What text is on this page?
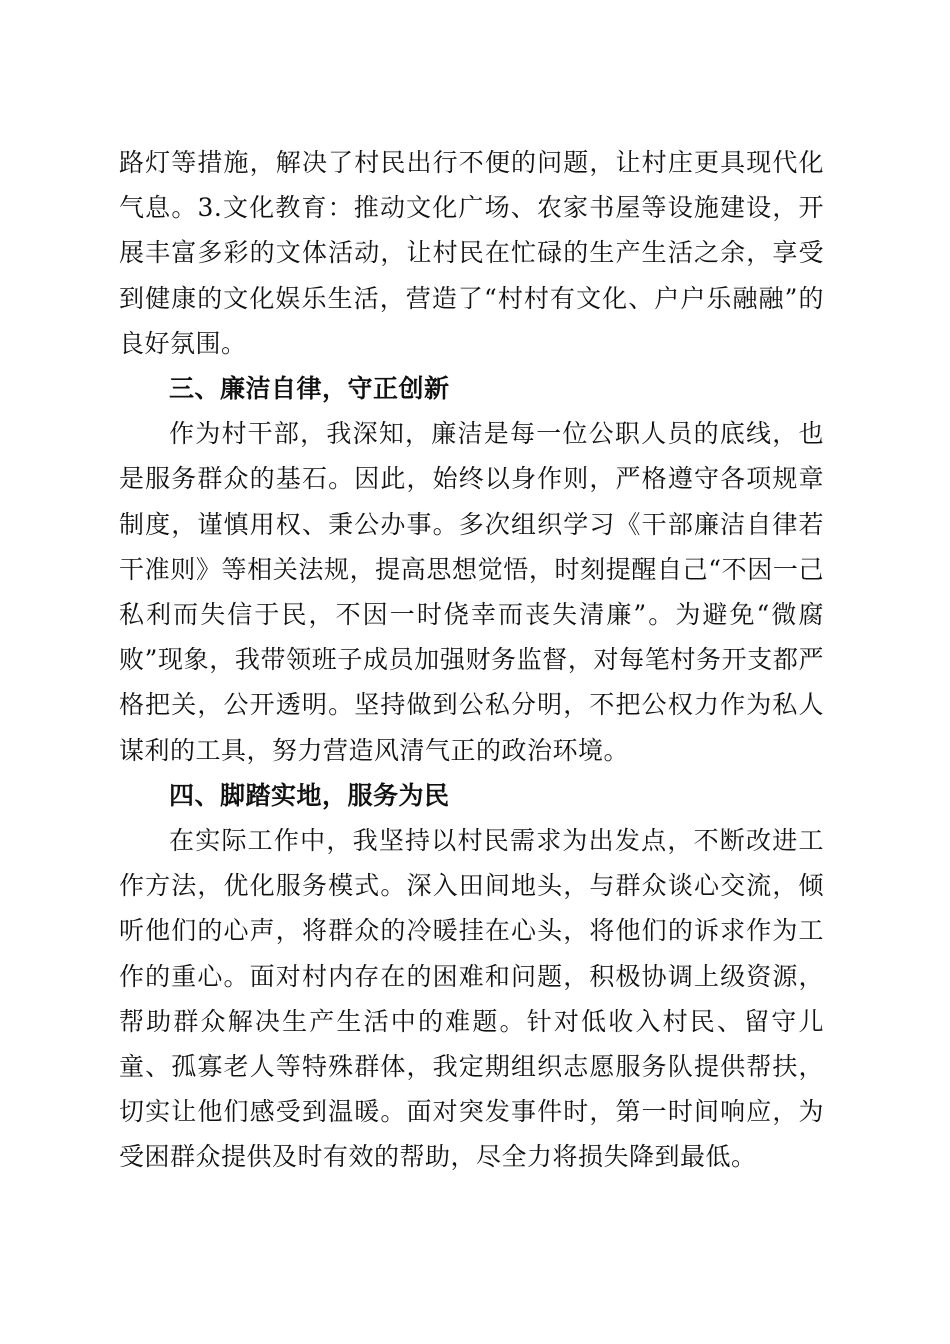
路灯等措施，解决了村民出行不便的问题，让村庄更具现代化气息。3.文化教育：推动文化广场、农家书屋等设施建设，开展丰富多彩的文体活动，让村民在忙碌的生产生活之余，享受到健康的文化娱乐生活，营造了“村村有文化、户户乐融融”的良好氛围。

三、廉洁自律，守正创新

作为村干部，我深知，廉洁是每一位公职人员的底线，也是服务群众的基石。因此，始终以身作则，严格遵守各项规章制度，谨慎用权、秉公办事。多次组织学习《干部廉洁自律若干准则》等相关法规，提高思想觉悟，时刻提醒自己“不因一己私利而失信于民，不因一时侥幸而丧失清廉”。为避免“微腐败”现象，我带领班子成员加强财务监督，对每笔村务开支都严格把关，公开透明。坚持做到公私分明，不把公权力作为私人谋利的工具，努力营造风清气正的政治环境。

四、脚踏实地，服务为民

在实际工作中，我坚持以村民需求为出发点，不断改进工作方法，优化服务模式。深入田间地头，与群众谈心交流，倾听他们的心声，将群众的冷暖挂在心头，将他们的诉求作为工作的重心。面对村内存在的困难和问题，积极协调上级资源，帮助群众解决生产生活中的难题。针对低收入村民、留守儿童、孤寡老人等特殊群体，我定期组织志愿服务队提供帮扶，切实让他们感受到温暖。面对突发事件时，第一时间响应，为受困群众提供及时有效的帮助，尽全力将损失降到最低。
